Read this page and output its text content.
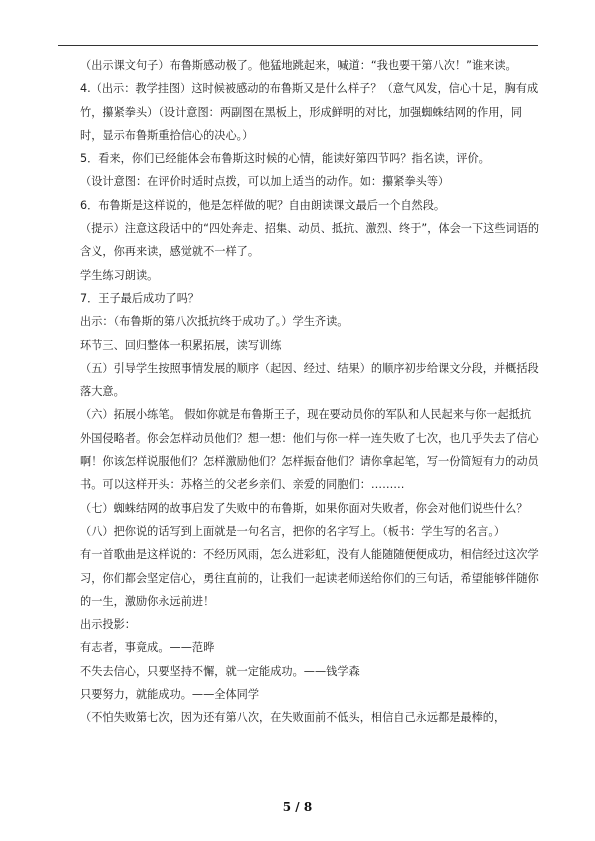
（出示课文句子）布鲁斯感动极了。他猛地跳起来，喊道：“我也要干第八次！”谁来读。

4.（出示：教学挂图）这时候被感动的布鲁斯又是什么样子？（意气风发，信心十足，胸有成竹，攥紧拳头）（设计意图：两副图在黑板上，形成鲜明的对比，加强蜘蛛结网的作用，同时，显示布鲁斯重拾信心的决心。）

5．看来，你们已经能体会布鲁斯这时候的心情，能读好第四节吗？指名读，评价。

（设计意图：在评价时适时点拨，可以加上适当的动作。如：攥紧拳头等）

6．布鲁斯是这样说的，他是怎样做的呢？自由朗读课文最后一个自然段。

（提示）注意这段话中的“四处奔走、招集、动员、抵抗、激烈、终于”，体会一下这些词语的含义，你再来读，感觉就不一样了。

学生练习朗读。

7．王子最后成功了吗？

出示：（布鲁斯的第八次抵抗终于成功了。）学生齐读。

环节三、回归整体一积累拓展，读写训练

（五）引导学生按照事情发展的顺序（起因、经过、结果）的顺序初步给课文分段，并概括段落大意。

（六）拓展小练笔。 假如你就是布鲁斯王子，现在要动员你的军队和人民起来与你一起抵抗外国侵略者。你会怎样动员他们？想一想：他们与你一样一连失败了七次，也几乎失去了信心啊！你该怎样说服他们？怎样激励他们？怎样振奋他们？请你拿起笔，写一份简短有力的动员书。可以这样开头：苏格兰的父老乡亲们、亲爱的同胞们：………

（七）蜘蛛结网的故事启发了失败中的布鲁斯，如果你面对失败者，你会对他们说些什么？

（八）把你说的话写到上面就是一句名言，把你的名字写上。（板书：学生写的名言。）

有一首歌曲是这样说的：不经历风雨，怎么进彩虹，没有人能随随便便成功，相信经过这次学习，你们都会坚定信心，勇往直前的，让我们一起读老师送给你们的三句话，希望能够伴随你的一生，激励你永远前进！

出示投影：

有志者，事竟成。——范晔

不失去信心，只要坚持不懈，就一定能成功。——钱学森

只要努力，就能成功。——全体同学

（不怕失败第七次，因为还有第八次，在失败面前不低头，相信自己永远都是最棒的，

5 / 8
